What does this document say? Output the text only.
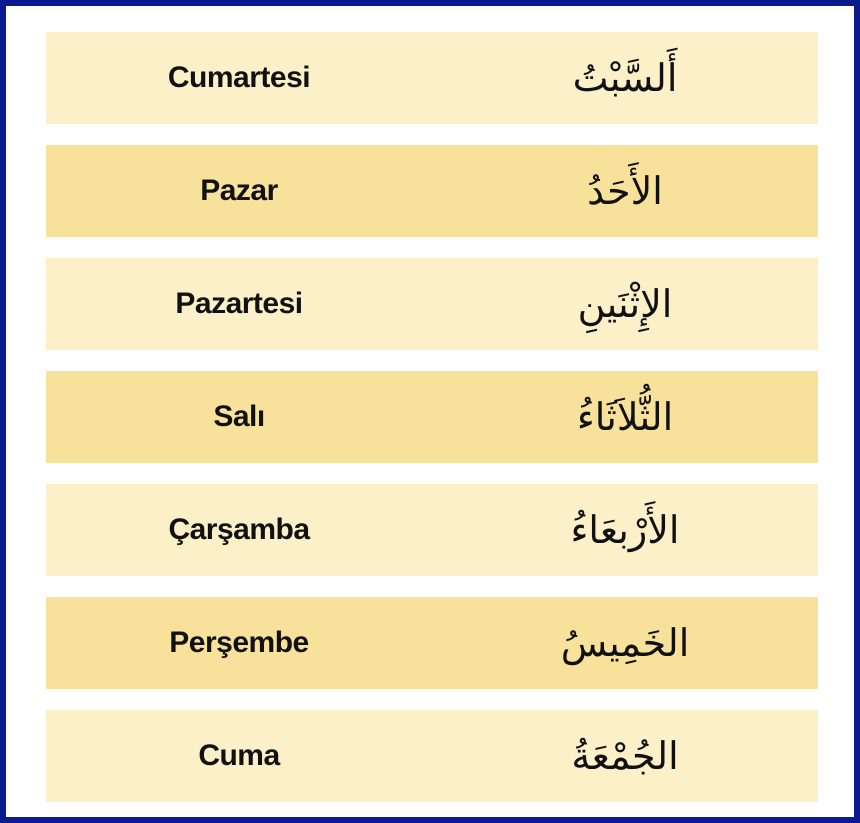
Cumartesi	أَلسَّبْتُ
Pazar	الأَحَدُ
Pazartesi	الإِثْنَينِ
Salı	الثُّلاَثَاءُ
Çarşamba	الأَرْبعَاءُ
Perşembe	الخَمِيسُ
Cuma	الجُمْعَةُ
